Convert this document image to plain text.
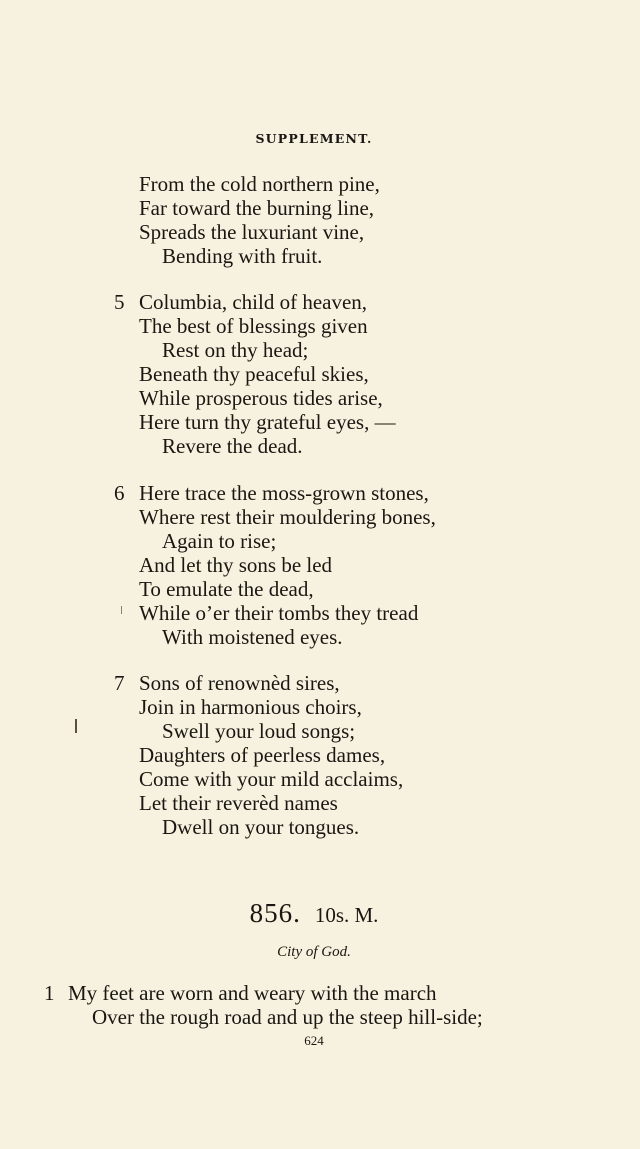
SUPPLEMENT.
From the cold northern pine,
Far toward the burning line,
Spreads the luxuriant vine,
Bending with fruit.
5 Columbia, child of heaven,
The best of blessings given
Rest on thy head;
Beneath thy peaceful skies,
While prosperous tides arise,
Here turn thy grateful eyes, —
Revere the dead.
6 Here trace the moss-grown stones,
Where rest their mouldering bones,
Again to rise;
And let thy sons be led
To emulate the dead,
While o’er their tombs they tread
With moistened eyes.
7 Sons of renownèd sires,
Join in harmonious choirs,
Swell your loud songs;
Daughters of peerless dames,
Come with your mild acclaims,
Let their reverèd names
Dwell on your tongues.
856. 10s. M.
City of God.
1 My feet are worn and weary with the march
Over the rough road and up the steep hill-side;
624
